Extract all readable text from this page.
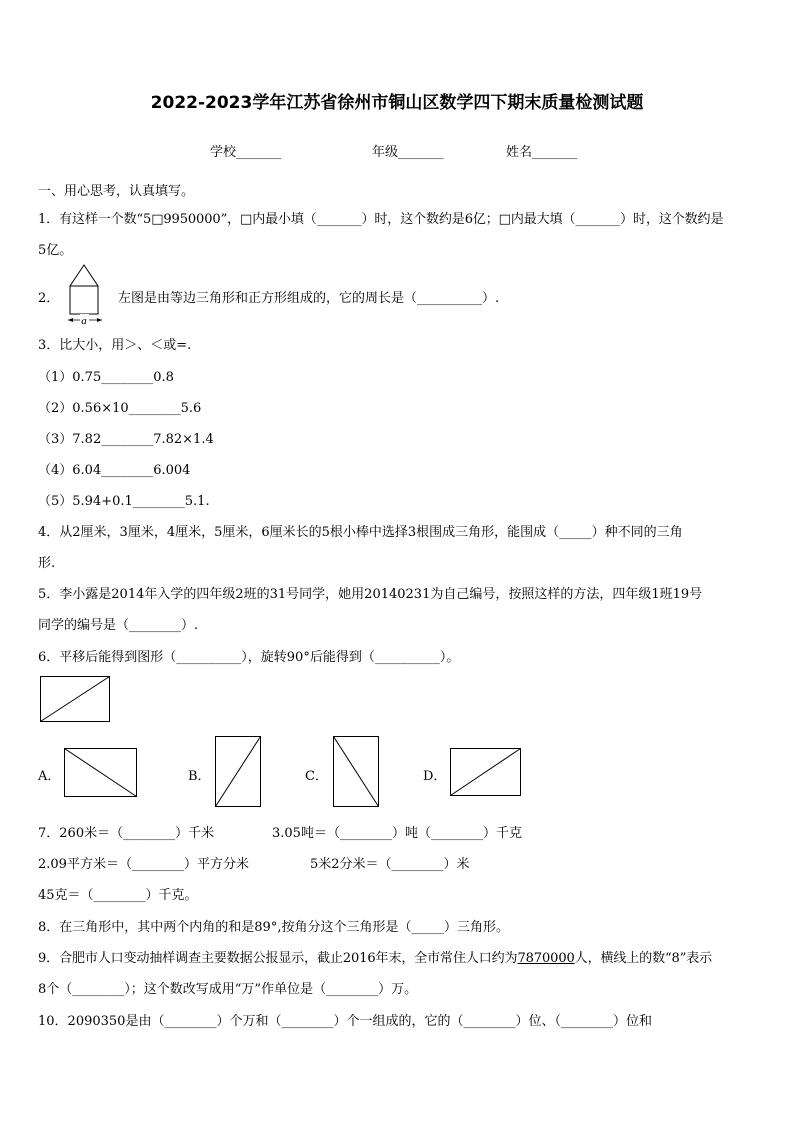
2022-2023学年江苏省徐州市铜山区数学四下期末质量检测试题
学校_______	年级_______	姓名_______
一、用心思考，认真填写。
1．有这样一个数“5□9950000”，□内最小填（_______）时，这个数约是6亿；□内最大填（_______）时，这个数约是
5亿。
2．
a
左图是由等边三角形和正方形组成的，它的周长是（__________）.
3．比大小，用＞、＜或=.
（1）0.75________0.8
（2）0.56×10________5.6
（3）7.82________7.82×1.4
（4）6.04________6.004
（5）5.94+0.1________5.1.
4．从2厘米，3厘米，4厘米，5厘米，6厘米长的5根小棒中选择3根围成三角形，能围成（_____）种不同的三角
形.
5．李小露是2014年入学的四年级2班的31号同学，她用20140231为自己编号，按照这样的方法，四年级1班19号
同学的编号是（________）.
6．平移后能得到图形（__________），旋转90°后能得到（__________）。
A．	B．	C．	D．
7．260米＝（________）千米	3.05吨＝（________）吨（________）千克
2.09平方米＝（________）平方分米	5米2分米＝（________）米
45克＝（________）千克。
8．在三角形中，其中两个内角的和是89°,按角分这个三角形是（_____）三角形。
9．合肥市人口变动抽样调查主要数据公报显示，截止2016年末，全市常住人口约为7870000人，横线上的数“8”表示
8个（________）；这个数改写成用“万”作单位是（________）万。
10．2090350是由（________）个万和（________）个一组成的，它的（________）位、（________）位和
